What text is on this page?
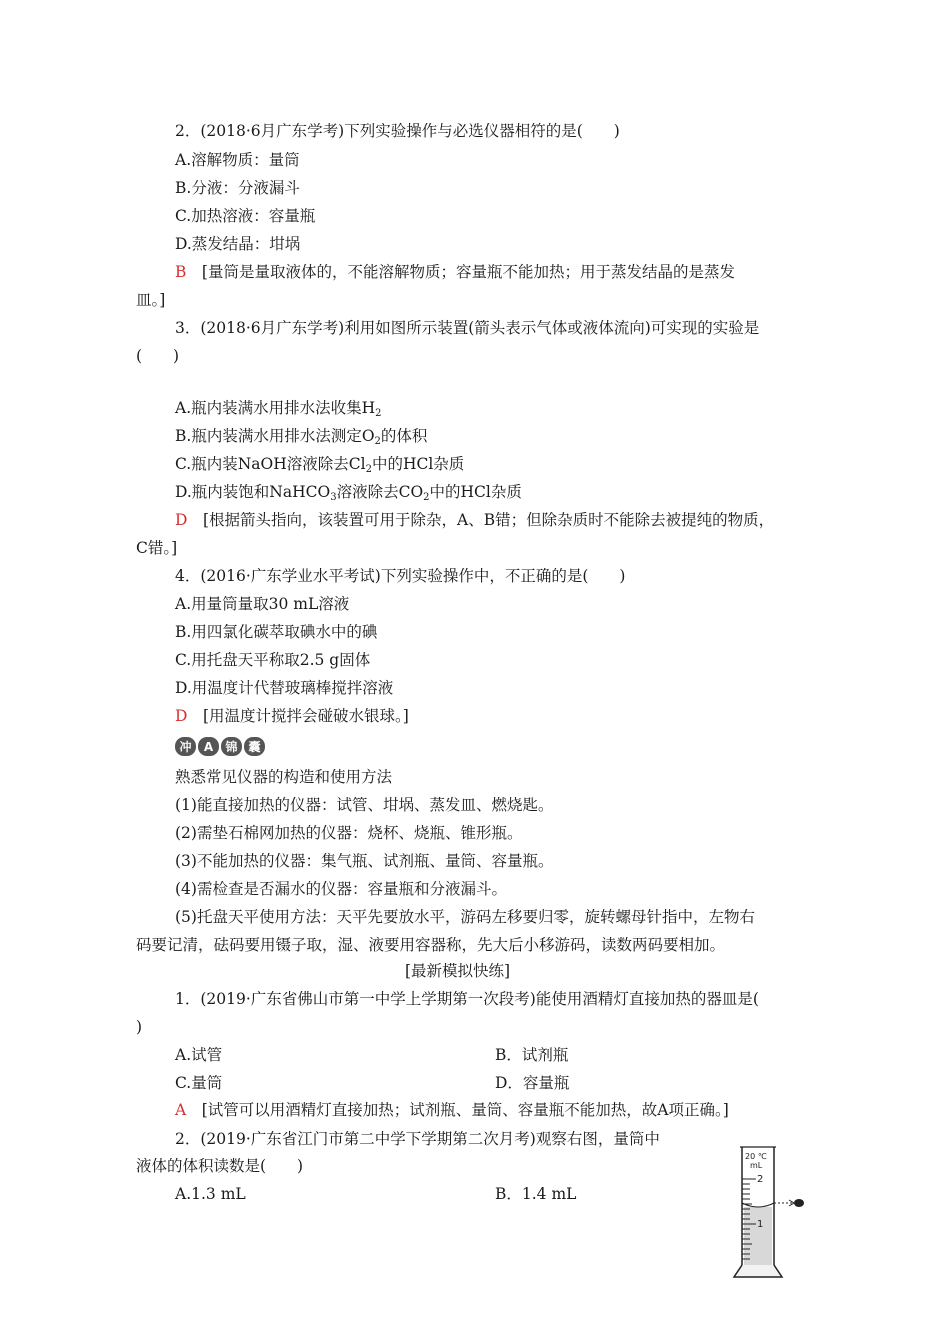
2．(2018·6月广东学考)下列实验操作与必选仪器相符的是(　　)
A.溶解物质：量筒
B.分液：分液漏斗
C.加热溶液：容量瓶
D.蒸发结晶：坩埚
B　 [量筒是量取液体的，不能溶解物质；容量瓶不能加热；用于蒸发结晶的是蒸发
皿。]
3．(2018·6月广东学考)利用如图所示装置(箭头表示气体或液体流向)可实现的实验是
(　　)
A.瓶内装满水用排水法收集$H_2$
B.瓶内装满水用排水法测定$O_2$的体积
C.瓶内装NaOH溶液除去$Cl_2$中的HCl杂质
D.瓶内装饱和NaHCO$_3$溶液除去$CO_2$中的HCl杂质
D　 [根据箭头指向，该装置可用于除杂，A、B错；但除杂质时不能除去被提纯的物质，
C错。]
4．(2016·广东学业水平考试)下列实验操作中，不正确的是(　　)
A.用量筒量取30 mL溶液
B.用四氯化碳萃取碘水中的碘
C.用托盘天平称取2.5 g固体
D.用温度计代替玻璃棒搅拌溶液
D　 [用温度计搅拌会碰破水银球。]
冲	A	锦 囊
熟悉常见仪器的构造和使用方法
(1)能直接加热的仪器：试管、坩埚、蒸发皿、燃烧匙。
(2)需垫石棉网加热的仪器：烧杯、烧瓶、锥形瓶。
(3)不能加热的仪器：集气瓶、试剂瓶、量筒、容量瓶。
(4)需检查是否漏水的仪器：容量瓶和分液漏斗。
(5)托盘天平使用方法：天平先要放水平，游码左移要归零，旋转螺母针指中，左物右
码要记清，砝码要用镊子取，湿、液要用容器称，先大后小移游码，读数两码要相加。
[最新模拟快练]
1．(2019·广东省佛山市第一中学上学期第一次段考)能使用酒精灯直接加热的器皿是(
)
A.试管	B．试剂瓶
C.量筒	D．容量瓶
A　 [试管可以用酒精灯直接加热；试剂瓶、量筒、容量瓶不能加热，故A项正确。]
2．(2019·广东省江门市第二中学下学期第二次月考)观察右图，量筒中
液体的体积读数是(　　)
A.1.3 mL	B．1.4 mL
20 ℃
mL
2
1
